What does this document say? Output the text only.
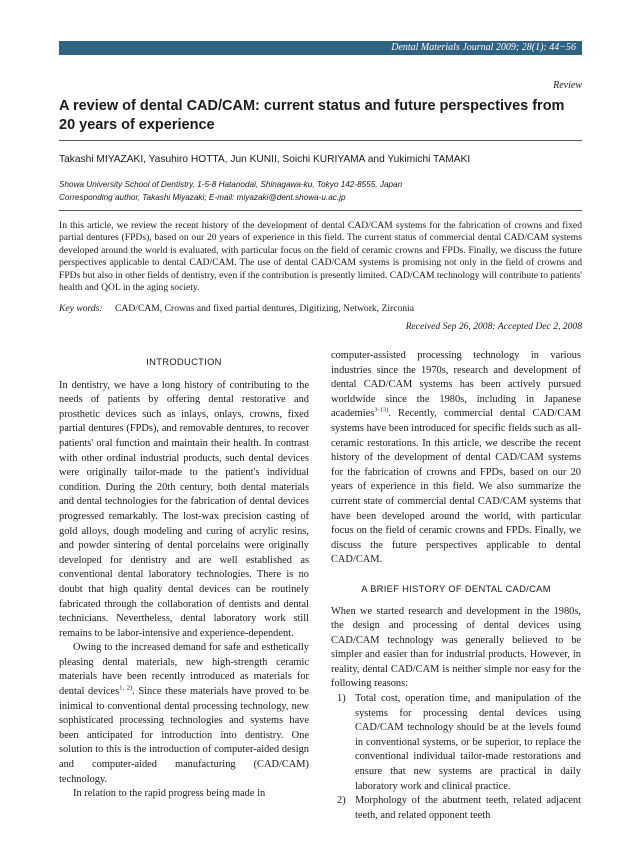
Dental Materials Journal 2009; 28(1): 44−56
Review
A review of dental CAD/CAM: current status and future perspectives from 20 years of experience
Takashi MIYAZAKI, Yasuhiro HOTTA, Jun KUNII, Soichi KURIYAMA and Yukimichi TAMAKI
Showa University School of Dentistry, 1-5-8 Hatanodai, Shinagawa-ku, Tokyo 142-8555, Japan
Corresponding author, Takashi Miyazaki; E-mail: miyazaki@dent.showa-u.ac.jp
In this article, we review the recent history of the development of dental CAD/CAM systems for the fabrication of crowns and fixed partial dentures (FPDs), based on our 20 years of experience in this field. The current status of commercial dental CAD/CAM systems developed around the world is evaluated, with particular focus on the field of ceramic crowns and FPDs. Finally, we discuss the future perspectives applicable to dental CAD/CAM. The use of dental CAD/CAM systems is promising not only in the field of crowns and FPDs but also in other fields of dentistry, even if the contribution is presently limited. CAD/CAM technology will contribute to patients' health and QOL in the aging society.
Key words: CAD/CAM, Crowns and fixed partial dentures, Digitizing, Network, Zirconia
Received Sep 26, 2008: Accepted Dec 2, 2008
INTRODUCTION

In dentistry, we have a long history of contributing to the needs of patients by offering dental restorative and prosthetic devices such as inlays, onlays, crowns, fixed partial dentures (FPDs), and removable dentures, to recover patients' oral function and maintain their health. In contrast with other ordinal industrial products, such dental devices were originally tailor-made to the patient's individual condition. During the 20th century, both dental materials and dental technologies for the fabrication of dental devices progressed remarkably. The lost-wax precision casting of gold alloys, dough modeling and curing of acrylic resins, and powder sintering of dental porcelains were originally developed for dentistry and are well established as conventional dental laboratory technologies. There is no doubt that high quality dental devices can be routinely fabricated through the collaboration of dentists and dental technicians. Nevertheless, dental laboratory work still remains to be labor-intensive and experience-dependent.

Owing to the increased demand for safe and esthetically pleasing dental materials, new high-strength ceramic materials have been recently introduced as materials for dental devices$^{1, 2)}$. Since these materials have proved to be inimical to conventional dental processing technology, new sophisticated processing technologies and systems have been anticipated for introduction into dentistry. One solution to this is the introduction of computer-aided design and computer-aided manufacturing (CAD/CAM) technology.

In relation to the rapid progress being made in

computer-assisted processing technology in various industries since the 1970s, research and development of dental CAD/CAM systems has been actively pursued worldwide since the 1980s, including in Japanese academies$^{3-13)}$. Recently, commercial dental CAD/CAM systems have been introduced for specific fields such as all-ceramic restorations. In this article, we describe the recent history of the development of dental CAD/CAM systems for the fabrication of crowns and FPDs, based on our 20 years of experience in this field. We also summarize the current state of commercial dental CAD/CAM systems that have been developed around the world, with particular focus on the field of ceramic crowns and FPDs. Finally, we discuss the future perspectives applicable to dental CAD/CAM.

A BRIEF HISTORY OF DENTAL CAD/CAM

When we started research and development in the 1980s, the design and processing of dental devices using CAD/CAM technology was generally believed to be simpler and easier than for industrial products. However, in reality, dental CAD/CAM is neither simple nor easy for the following reasons:

1) Total cost, operation time, and manipulation of the systems for processing dental devices using CAD/CAM technology should be at the levels found in conventional systems, or be superior, to replace the conventional individual tailor-made restorations and ensure that new systems are practical in daily laboratory work and clinical practice.
2) Morphology of the abutment teeth, related adjacent teeth, and related opponent teeth
